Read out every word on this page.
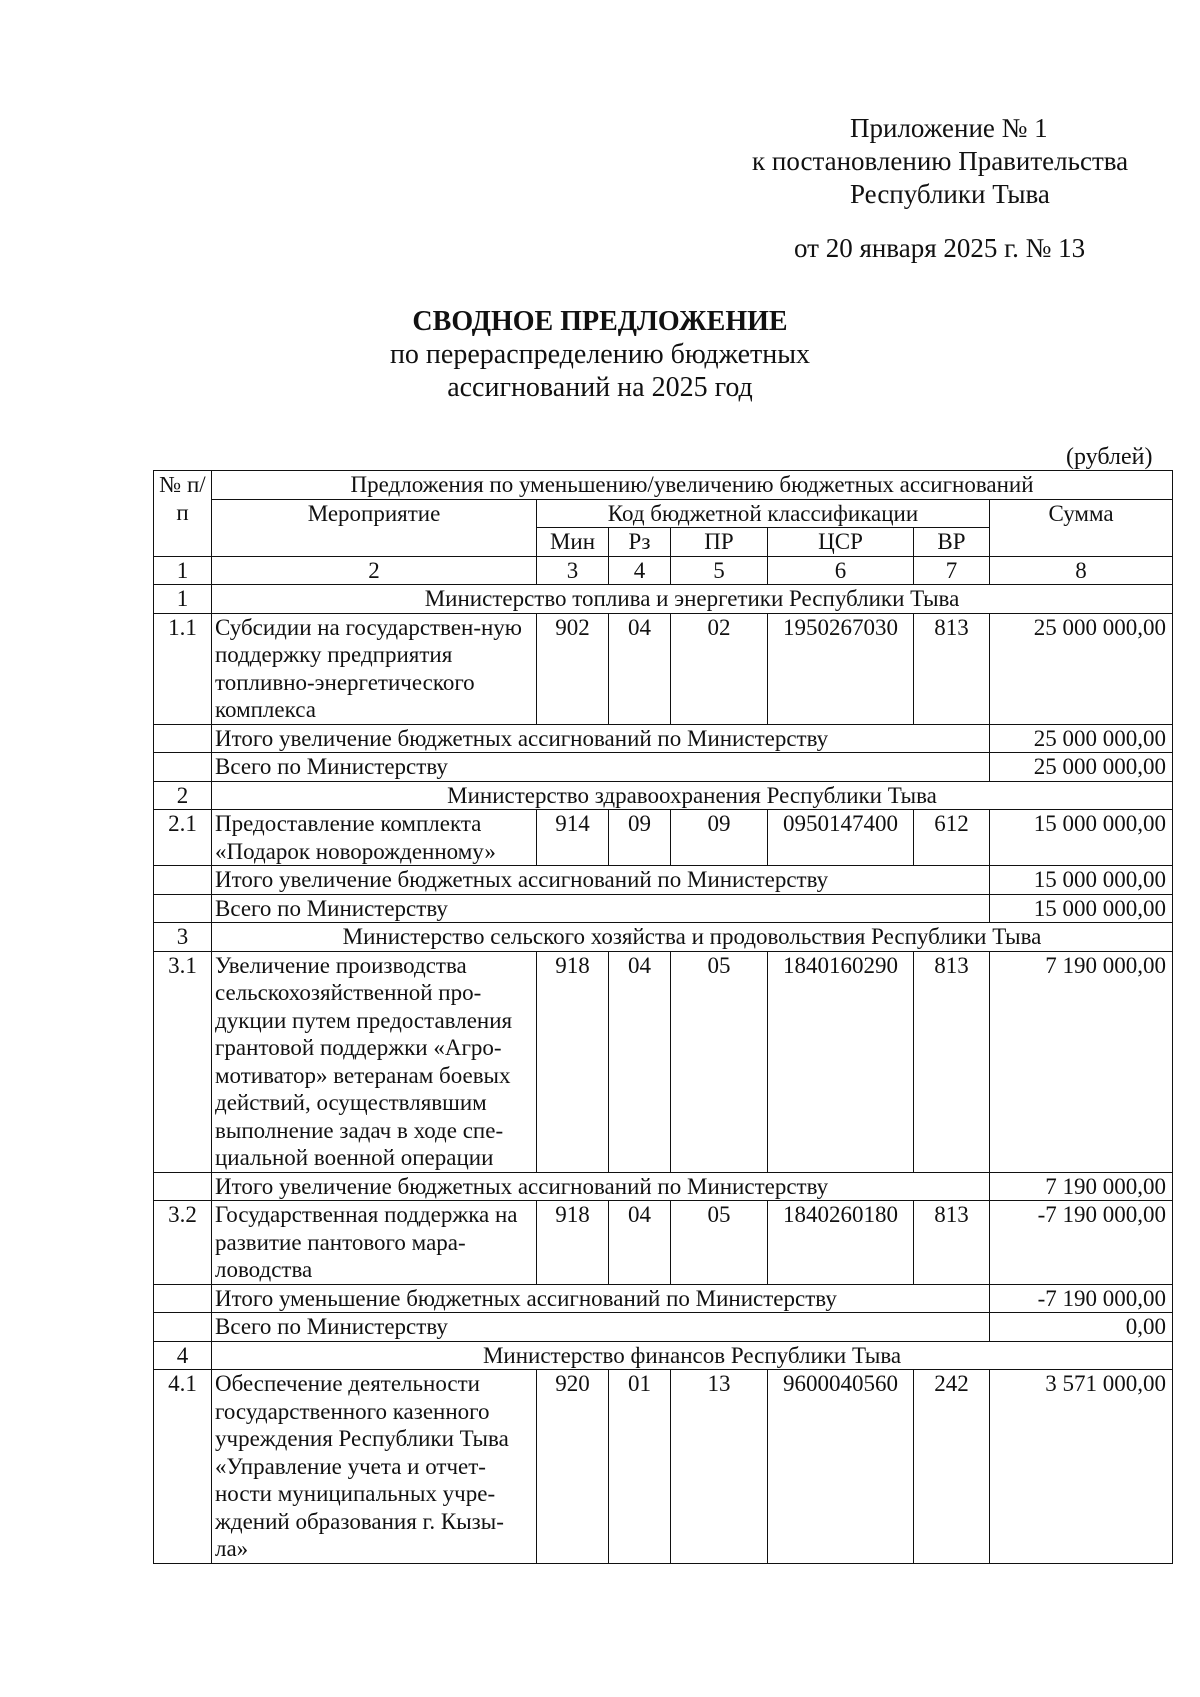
Приложение № 1
к постановлению Правительства
Республики Тыва
от 20 января 2025 г. № 13
СВОДНОЕ ПРЕДЛОЖЕНИЕ
по перераспределению бюджетных
ассигнований на 2025 год
(рублей)
№ п/п	Предложения по уменьшению/увеличению бюджетных ассигнований						
	Мероприятие	Код бюджетной классификации					Сумма
		Мин	Рз	ПР	ЦСР	ВР	
1	2	3	4	5	6	7	8
1	Министерство топлива и энергетики Республики Тыва						
1.1	Субсидии на государствен-ную поддержку предприятия топливно-энергетического комплекса	902	04	02	1950267030	813	25 000 000,00
	Итого увеличение бюджетных ассигнований по Министерству						25 000 000,00
	Всего по Министерству						25 000 000,00
2	Министерство здравоохранения Республики Тыва						
2.1	Предоставление комплекта «Подарок новорожденному»	914	09	09	0950147400	612	15 000 000,00
	Итого увеличение бюджетных ассигнований по Министерству						15 000 000,00
	Всего по Министерству						15 000 000,00
3	Министерство сельского хозяйства и продовольствия Республики Тыва						
3.1	Увеличение производства сельскохозяйственной про-дукции путем предоставления грантовой поддержки «Агро-мотиватор» ветеранам боевых действий, осуществлявшим выполнение задач в ходе спе-циальной военной операции	918	04	05	1840160290	813	7 190 000,00
	Итого увеличение бюджетных ассигнований по Министерству						7 190 000,00
3.2	Государственная поддержка на развитие пантового мара-ловодства	918	04	05	1840260180	813	-7 190 000,00
	Итого уменьшение бюджетных ассигнований по Министерству						-7 190 000,00
	Всего по Министерству						0,00
4	Министерство финансов Республики Тыва						
4.1	Обеспечение деятельности государственного казенного учреждения Республики Тыва «Управление учета и отчет-ности муниципальных учре-ждений образования г. Кызы-ла»	920	01	13	9600040560	242	3 571 000,00
